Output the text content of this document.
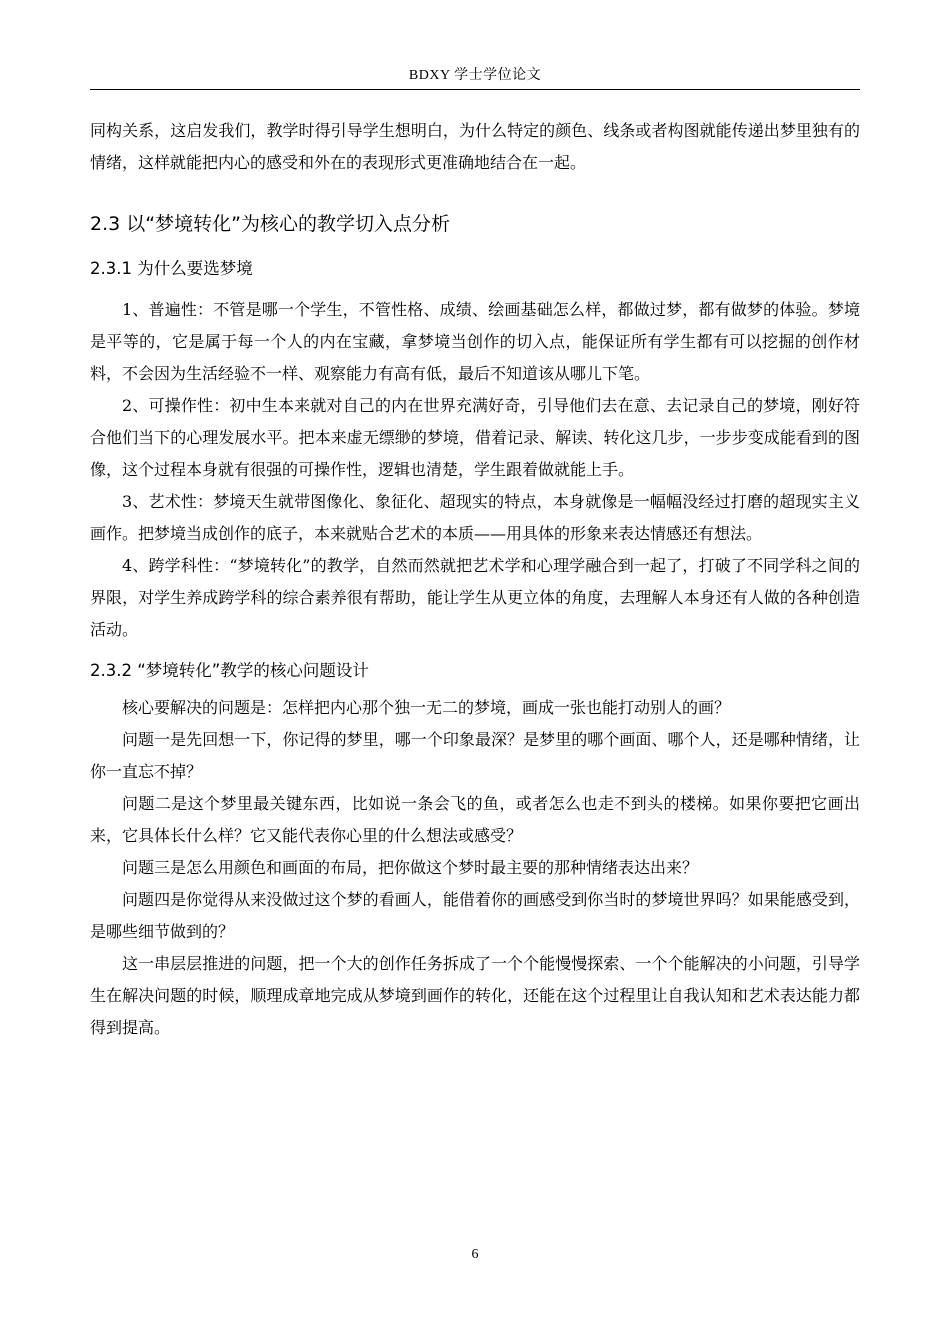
BDXY 学士学位论文

同构关系，这启发我们，教学时得引导学生想明白，为什么特定的颜色、线条或者构图就能传递出梦里独有的情绪，这样就能把内心的感受和外在的表现形式更准确地结合在一起。

2.3 以“梦境转化”为核心的教学切入点分析
2.3.1 为什么要选梦境

1、普遍性：不管是哪一个学生，不管性格、成绩、绘画基础怎么样，都做过梦，都有做梦的体验。梦境是平等的，它是属于每一个人的内在宝藏，拿梦境当创作的切入点，能保证所有学生都有可以挖掘的创作材料，不会因为生活经验不一样、观察能力有高有低，最后不知道该从哪儿下笔。

2、可操作性：初中生本来就对自己的内在世界充满好奇，引导他们去在意、去记录自己的梦境，刚好符合他们当下的心理发展水平。把本来虚无缥缈的梦境，借着记录、解读、转化这几步，一步步变成能看到的图像，这个过程本身就有很强的可操作性，逻辑也清楚，学生跟着做就能上手。

3、艺术性：梦境天生就带图像化、象征化、超现实的特点，本身就像是一幅幅没经过打磨的超现实主义画作。把梦境当成创作的底子，本来就贴合艺术的本质——用具体的形象来表达情感还有想法。

4、跨学科性：“梦境转化”的教学，自然而然就把艺术学和心理学融合到一起了，打破了不同学科之间的界限，对学生养成跨学科的综合素养很有帮助，能让学生从更立体的角度，去理解人本身还有人做的各种创造活动。

2.3.2 “梦境转化”教学的核心问题设计

核心要解决的问题是：怎样把内心那个独一无二的梦境，画成一张也能打动别人的画？

问题一是先回想一下，你记得的梦里，哪一个印象最深？是梦里的哪个画面、哪个人，还是哪种情绪，让你一直忘不掉？

问题二是这个梦里最关键东西，比如说一条会飞的鱼，或者怎么也走不到头的楼梯。如果你要把它画出来，它具体长什么样？它又能代表你心里的什么想法或感受？

问题三是怎么用颜色和画面的布局，把你做这个梦时最主要的那种情绪表达出来？

问题四是你觉得从来没做过这个梦的看画人，能借着你的画感受到你当时的梦境世界吗？如果能感受到，是哪些细节做到的？

这一串层层推进的问题，把一个大的创作任务拆成了一个个能慢慢探索、一个个能解决的小问题，引导学生在解决问题的时候，顺理成章地完成从梦境到画作的转化，还能在这个过程里让自我认知和艺术表达能力都得到提高。

6
